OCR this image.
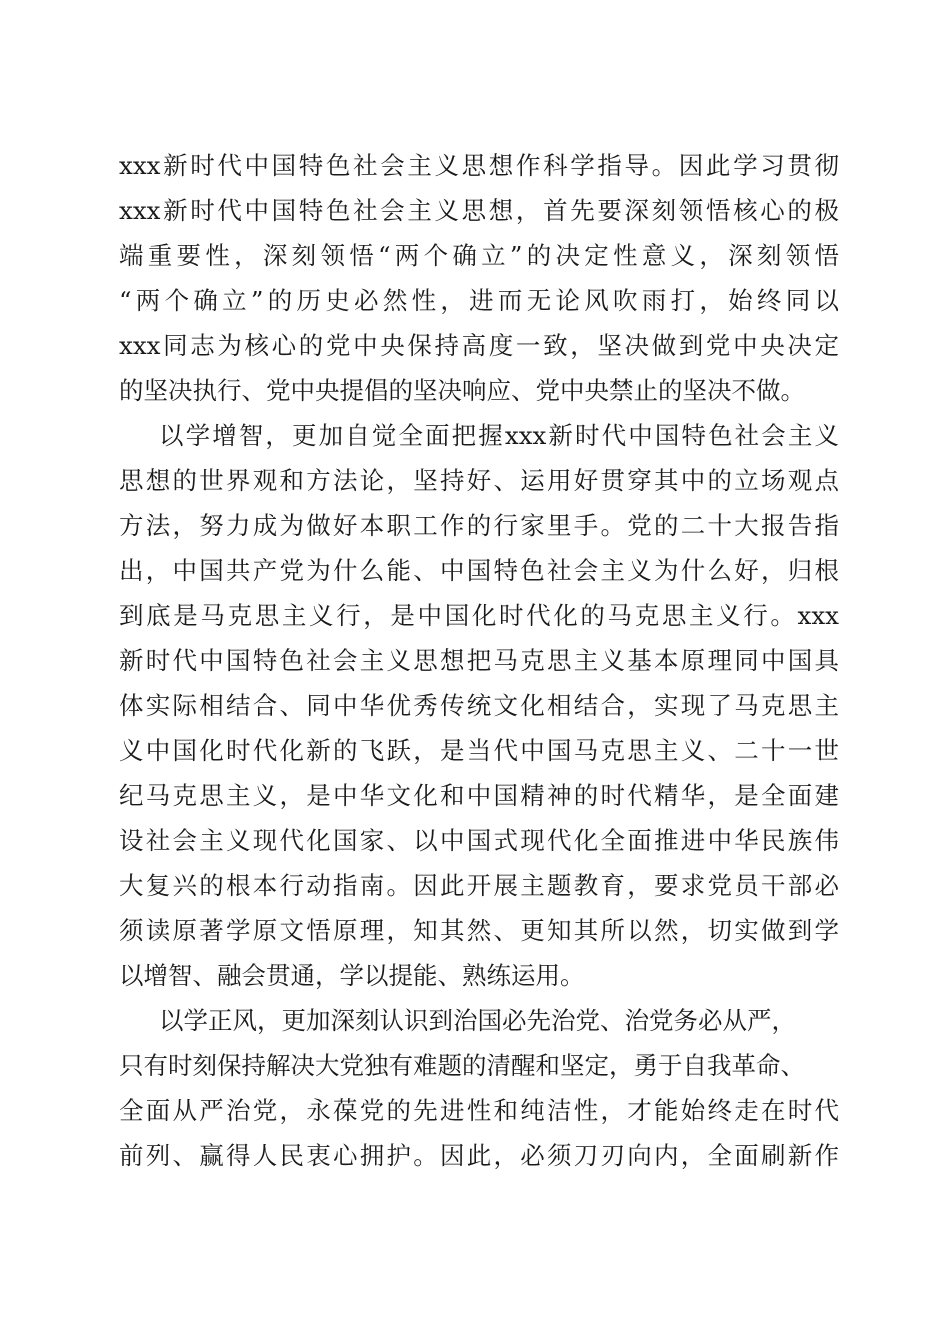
xxx新时代中国特色社会主义思想作科学指导。因此学习贯彻
xxx新时代中国特色社会主义思想，首先要深刻领悟核心的极
端重要性，深刻领悟“两个确立”的决定性意义，深刻领悟
“两个确立”的历史必然性，进而无论风吹雨打，始终同以
xxx同志为核心的党中央保持高度一致，坚决做到党中央决定
的坚决执行、党中央提倡的坚决响应、党中央禁止的坚决不做。
以学增智，更加自觉全面把握xxx新时代中国特色社会主义
思想的世界观和方法论，坚持好、运用好贯穿其中的立场观点
方法，努力成为做好本职工作的行家里手。党的二十大报告指
出，中国共产党为什么能、中国特色社会主义为什么好，归根
到底是马克思主义行，是中国化时代化的马克思主义行。xxx
新时代中国特色社会主义思想把马克思主义基本原理同中国具
体实际相结合、同中华优秀传统文化相结合，实现了马克思主
义中国化时代化新的飞跃，是当代中国马克思主义、二十一世
纪马克思主义，是中华文化和中国精神的时代精华，是全面建
设社会主义现代化国家、以中国式现代化全面推进中华民族伟
大复兴的根本行动指南。因此开展主题教育，要求党员干部必
须读原著学原文悟原理，知其然、更知其所以然，切实做到学
以增智、融会贯通，学以提能、熟练运用。
以学正风，更加深刻认识到治国必先治党、治党务必从严，
只有时刻保持解决大党独有难题的清醒和坚定，勇于自我革命、
全面从严治党，永葆党的先进性和纯洁性，才能始终走在时代
前列、赢得人民衷心拥护。因此，必须刀刃向内，全面刷新作
